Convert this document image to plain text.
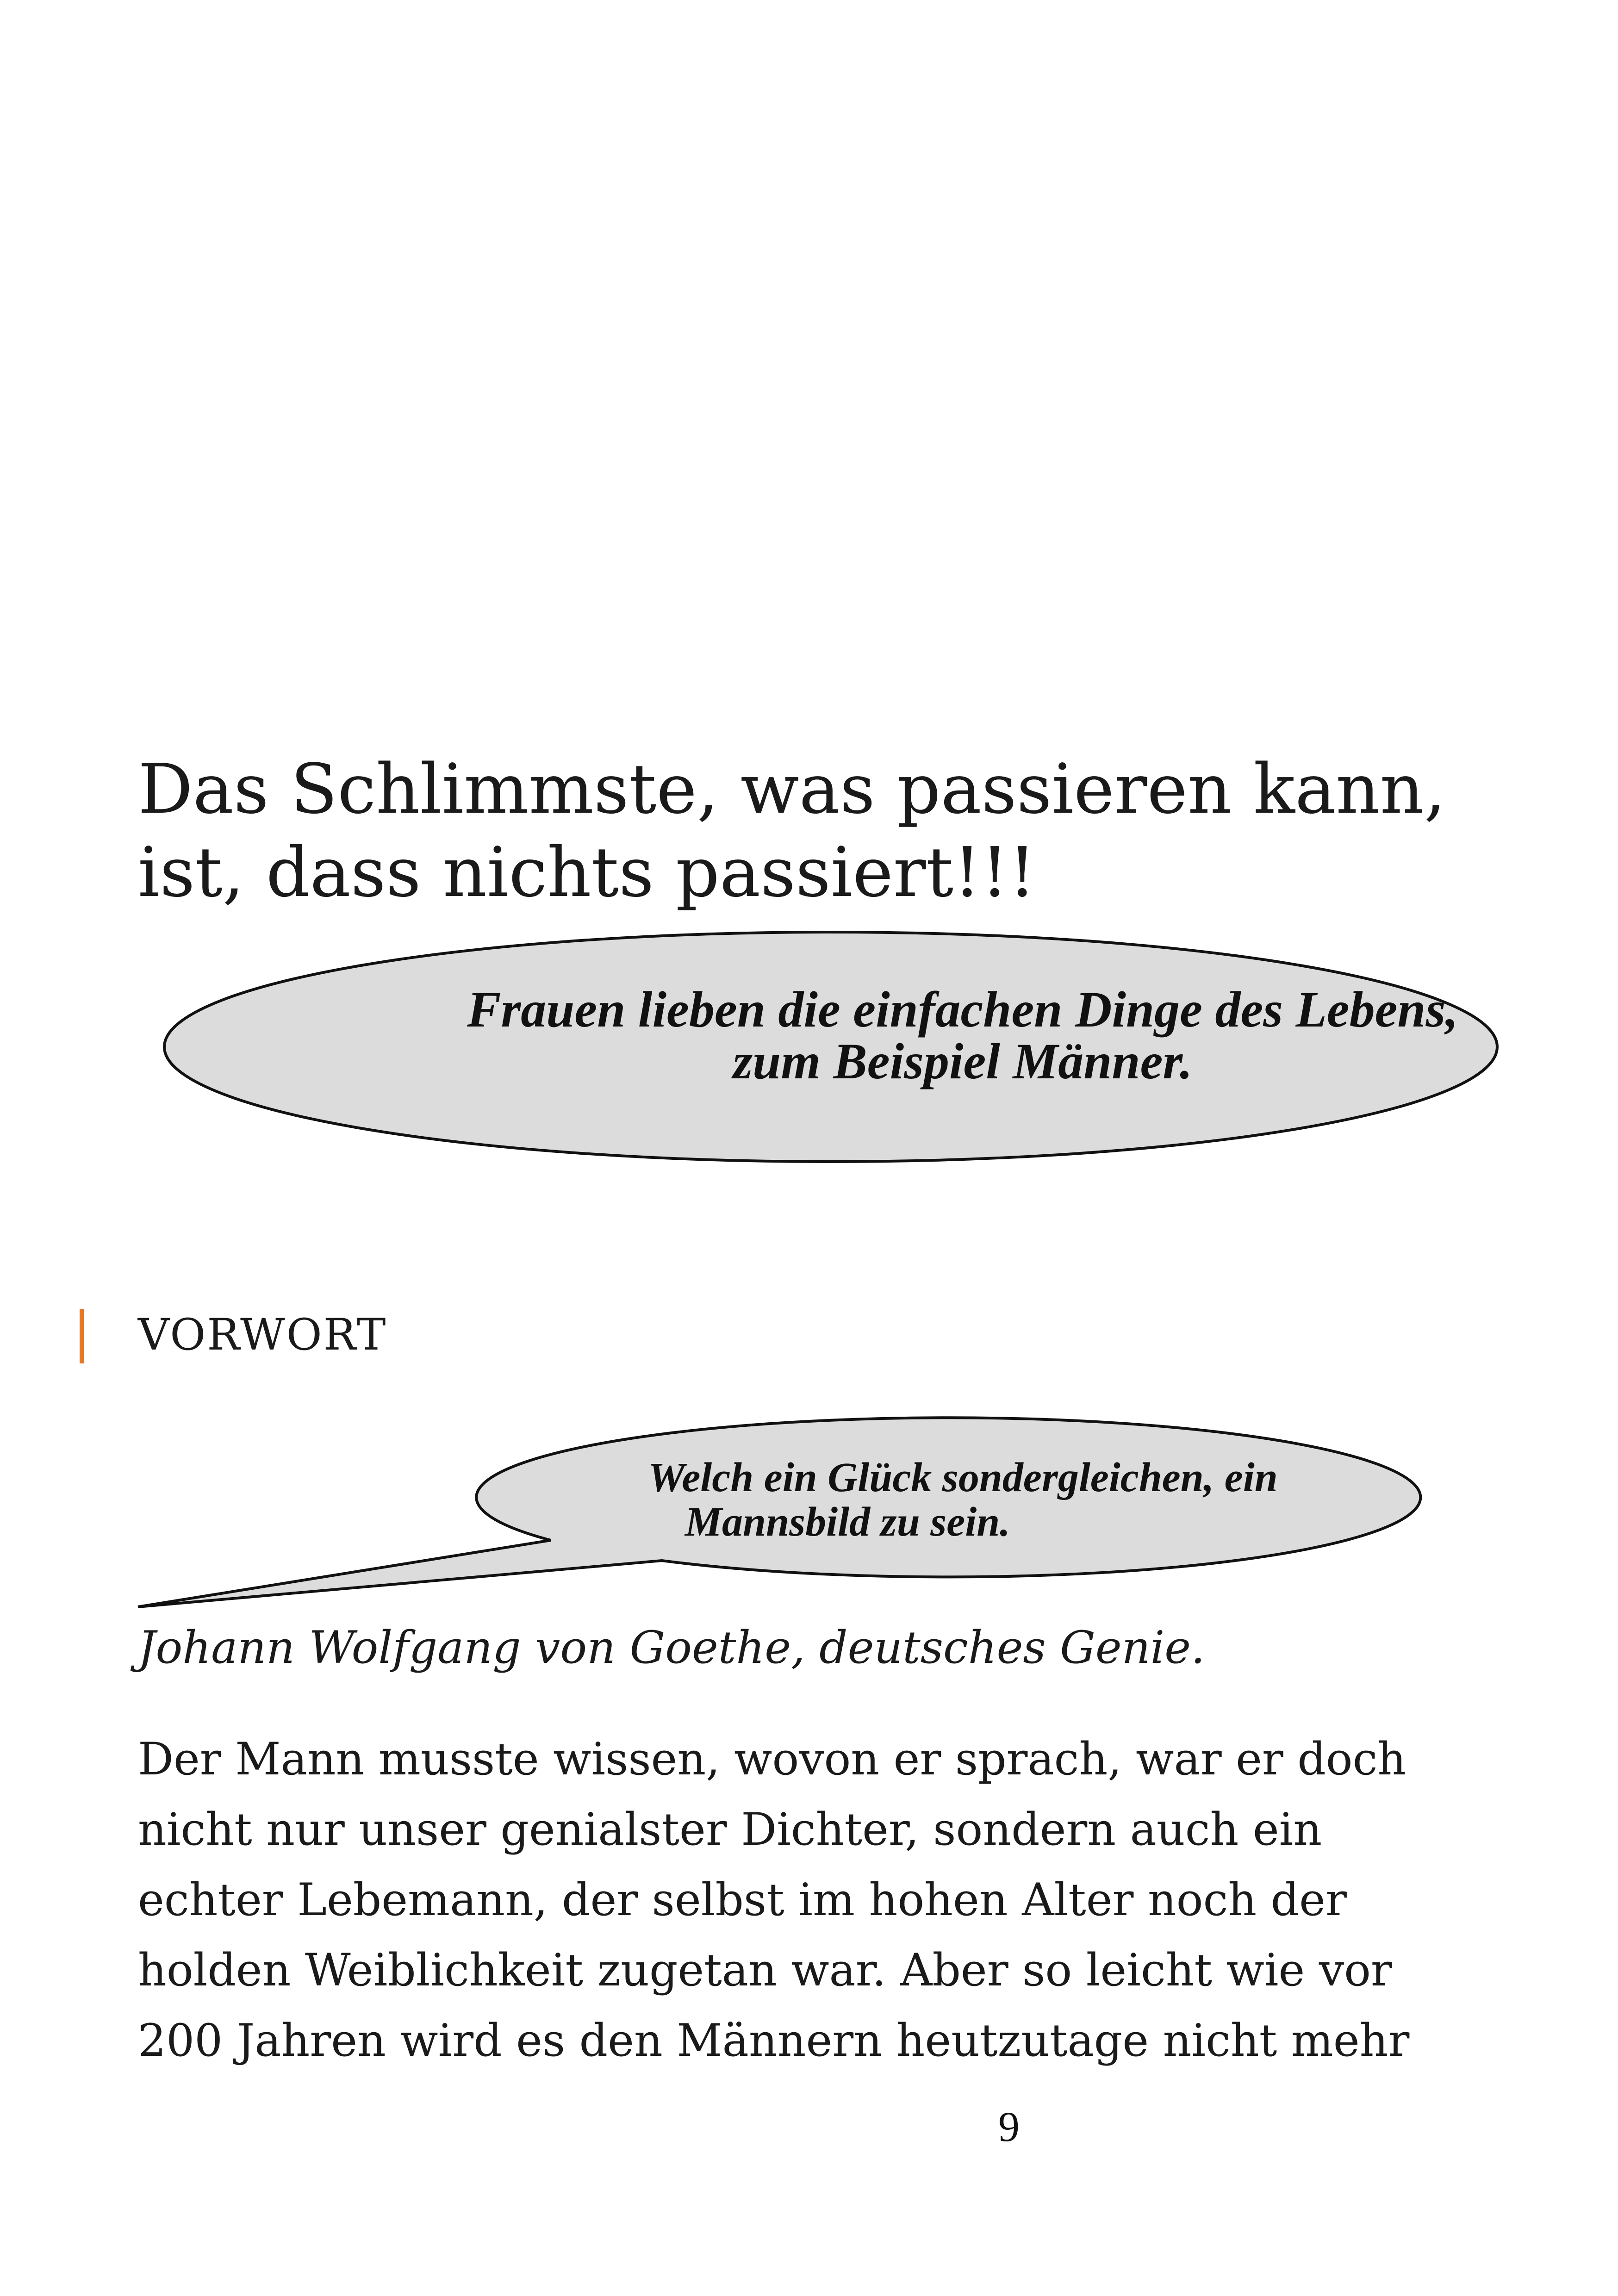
Das Schlimmste, was passieren kann,
ist, dass nichts passiert!!!
Frauen lieben die einfachen Dinge des Lebens,
zum Beispiel Männer.
VORWORT
Welch ein Glück sondergleichen, ein
Mannsbild zu sein.
Johann Wolfgang von Goethe, deutsches Genie.
Der Mann musste wissen, wovon er sprach, war er doch
nicht nur unser genialster Dichter, sondern auch ein
echter Lebemann, der selbst im hohen Alter noch der
holden Weiblichkeit zugetan war. Aber so leicht wie vor
200 Jahren wird es den Männern heutzutage nicht mehr
9
